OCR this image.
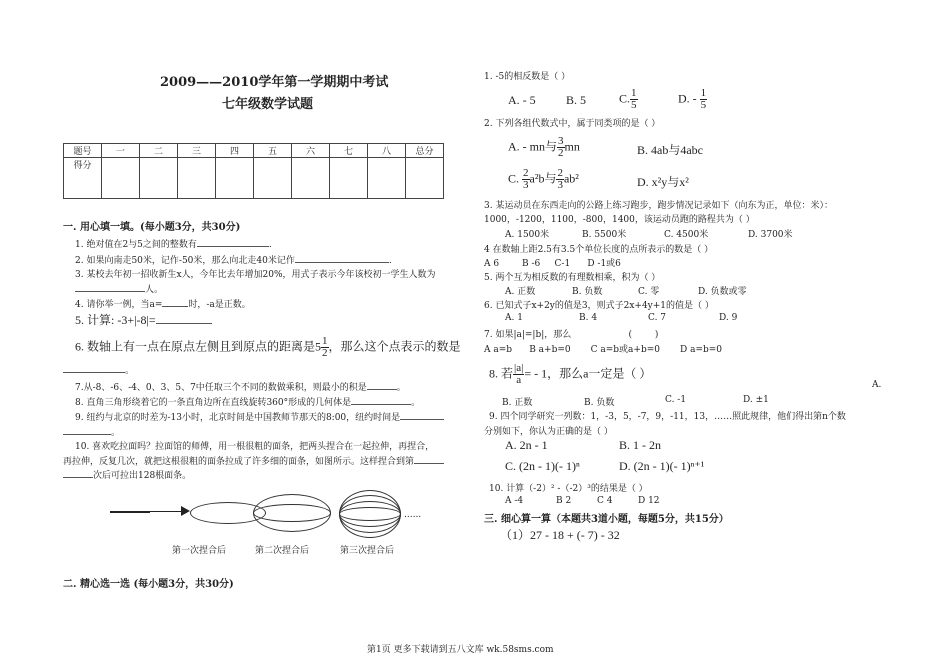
2009——2010学年第一学期期中考试
七年级数学试题
题号	一	二	三	四	五	六	七	八	总分
得分									
一. 用心填一填。(每小题3分，共30分)
1. 绝对值在2与5之间的整数有	.
2. 如果向南走50米，记作-50米，那么向北走40米记作	.
3. 某校去年初一招收新生x人，今年比去年增加20%，用式子表示今年该校初一学生人数为
人。
4. 请你举一例，当a=	时，-a是正数。
5. 计算: -3+|-8|=
6. 数轴上有一点在原点左侧且到原点的距离是$5 \frac{1}{2}$ ，那么这个点表示的数是
。
7.从-8、-6、-4、0、3、5、7中任取三个不同的数做乘积，则最小的积是	。
8. 直角三角形绕着它的一条直角边所在直线旋转360°形成的几何体是	。
9. 纽约与北京的时差为-13小时，北京时间是中国教师节那天的8:00，纽约时间是
。
10. 喜欢吃拉面吗？拉面馆的师傅，用一根很粗的面条，把两头捏合在一起拉伸，再捏合，
再拉伸，反复几次，就把这根很粗的面条拉成了许多细的面条，如图所示。这样捏合到第
次后可拉出128根面条。
......
第一次捏合后	第二次捏合后	第三次捏合后
二. 精心选一选 (每小题3分，共30分)
1. -5的相反数是（ ）
A. - 5	B. 5	C. $\frac{1}{5}$	D. - $\frac{1}{5}$
2. 下列各组代数式中，属于同类项的是（ ）
A. - mn与 $\frac{3}{2}$ mn	B. 4ab与4abc
C. $\frac{2}{3} a^2b$与 $\frac{2}{3} ab^2$	D. x²y与x²
3. 某运动员在东西走向的公路上练习跑步，跑步情况记录如下（向东为正，单位：米）：
1000，-1200，1100，-800，1400，该运动员跑的路程共为（ ）
A. 1500米	B. 5500米	C. 4500米	D. 3700米
4 在数轴上距2.5有3.5个单位长度的点所表示的数是（ ）
A 6        B -6     C-1      D -1或6
5. 两个互为相反数的有理数相乘，积为（ ）
A. 正数	B. 负数	C. 零	D. 负数或零
6. 已知式子x+2y的值是3，则式子2x+4y+1的值是（ ）
A. 1	B. 4	C. 7	D. 9
7. 如果|a|=|b|，那么                    (        )
A a=b      B a+b=0       C a=b或a+b=0       D a=b=0
8. 若 $\frac{|a|}{a}$ = - 1，那么a一定是（ ）
A.
B. 正数	B. 负数	C. -1	D. ±1
9. 四个同学研究一列数：1，-3，5，-7，9，-11，13，……照此规律，他们得出第n个数
分别如下，你认为正确的是（ ）
A. 2n - 1	B. 1 - 2n
C. (2n - 1)(- 1)ⁿ	D. (2n - 1)(- 1)ⁿ⁺¹
10. 计算（-2）² -（-2）³的结果是（ ）
A -4	B 2	C 4	D 12
三. 细心算一算（本题共3道小题，每题5分，共15分）
（1）27 - 18 + (- 7) - 32
第1页 更多下载请到五八文库 wk.58sms.com
